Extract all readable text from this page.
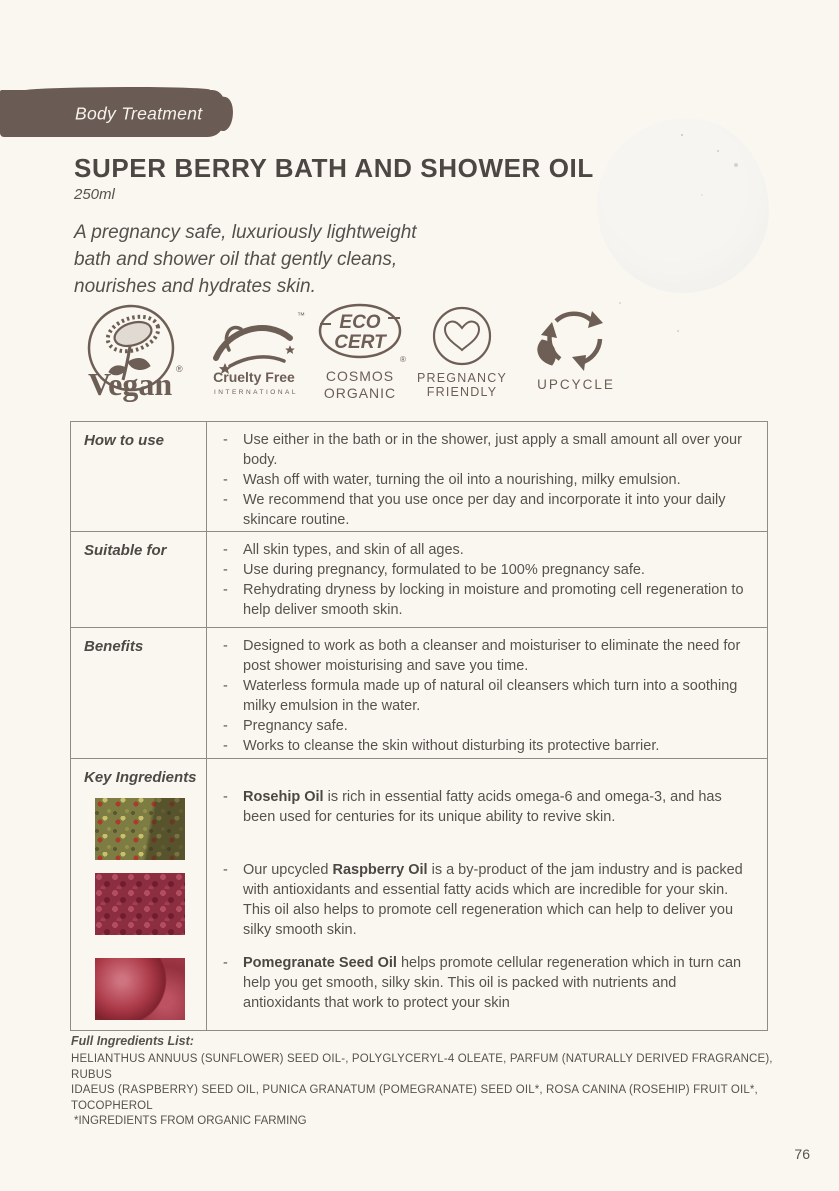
Body Treatment
SUPER BERRY BATH AND SHOWER OIL
250ml
A pregnancy safe, luxuriously lightweight
bath and shower oil that gently cleans,
nourishes and hydrates skin.
Vegan ®
™
Cruelty Free
INTERNATIONAL
ECO
CERT
®
COSMOS
ORGANIC
PREGNANCY
FRIENDLY	UPCYCLE
How to use	- Use either in the bath or in the shower, just apply a small amount all over your body.
- Wash off with water, turning the oil into a nourishing, milky emulsion.
- We recommend that you use once per day and incorporate it into your daily skincare routine.
Suitable for	- All skin types, and skin of all ages.
- Use during pregnancy, formulated to be 100% pregnancy safe.
- Rehydrating dryness by locking in moisture and promoting cell regeneration to help deliver smooth skin.
Benefits	- Designed to work as both a cleanser and moisturiser to eliminate the need for post shower moisturising and save you time.
- Waterless formula made up of natural oil cleansers which turn into a soothing milky emulsion in the water.
- Pregnancy safe.
- Works to cleanse the skin without disturbing its protective barrier.
Key Ingredients
- Rosehip Oil is rich in essential fatty acids omega-6 and omega-3, and has been used for centuries for its unique ability to revive skin.
- Our upcycled Raspberry Oil is a by-product of the jam industry and is packed with antioxidants and essential fatty acids which are incredible for your skin. This oil also helps to promote cell regeneration which can help to deliver you silky smooth skin.
- Pomegranate Seed Oil helps promote cellular regeneration which in turn can help you get smooth, silky skin. This oil is packed with nutrients and antioxidants that work to protect your skin
Full Ingredients List:
HELIANTHUS ANNUUS (SUNFLOWER) SEED OIL-, POLYGLYCERYL-4 OLEATE, PARFUM (NATURALLY DERIVED FRAGRANCE), RUBUS
IDAEUS (RASPBERRY) SEED OIL, PUNICA GRANATUM (POMEGRANATE) SEED OIL*, ROSA CANINA (ROSEHIP) FRUIT OIL*, TOCOPHEROL
*INGREDIENTS FROM ORGANIC FARMING
76
